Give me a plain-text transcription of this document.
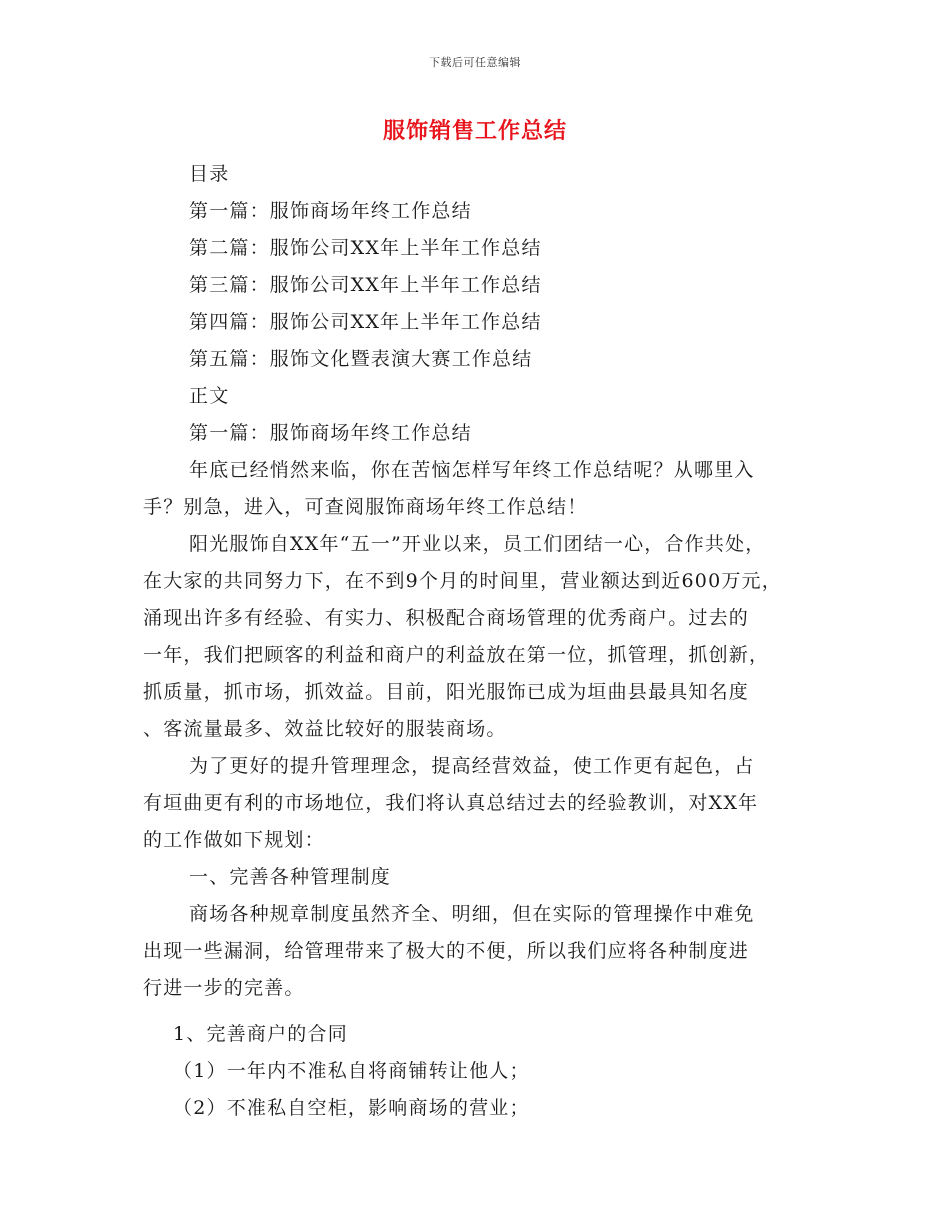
下载后可任意编辑
服饰销售工作总结
目录
第一篇：服饰商场年终工作总结
第二篇：服饰公司XX年上半年工作总结
第三篇：服饰公司XX年上半年工作总结
第四篇：服饰公司XX年上半年工作总结
第五篇：服饰文化暨表演大赛工作总结
正文
第一篇：服饰商场年终工作总结
年底已经悄然来临，你在苦恼怎样写年终工作总结呢？从哪里入
手？别急，进入，可查阅服饰商场年终工作总结！
阳光服饰自XX年“五一”开业以来，员工们团结一心，合作共处，
在大家的共同努力下，在不到9个月的时间里，营业额达到近600万元，
涌现出许多有经验、有实力、积极配合商场管理的优秀商户。过去的
一年，我们把顾客的利益和商户的利益放在第一位，抓管理，抓创新，
抓质量，抓市场，抓效益。目前，阳光服饰已成为垣曲县最具知名度
、客流量最多、效益比较好的服装商场。
为了更好的提升管理理念，提高经营效益，使工作更有起色，占
有垣曲更有利的市场地位，我们将认真总结过去的经验教训，对XX年
的工作做如下规划：
一、完善各种管理制度
商场各种规章制度虽然齐全、明细，但在实际的管理操作中难免
出现一些漏洞，给管理带来了极大的不便，所以我们应将各种制度进
行进一步的完善。
1、完善商户的合同
（1）一年内不准私自将商铺转让他人；
（2）不准私自空柜，影响商场的营业；
